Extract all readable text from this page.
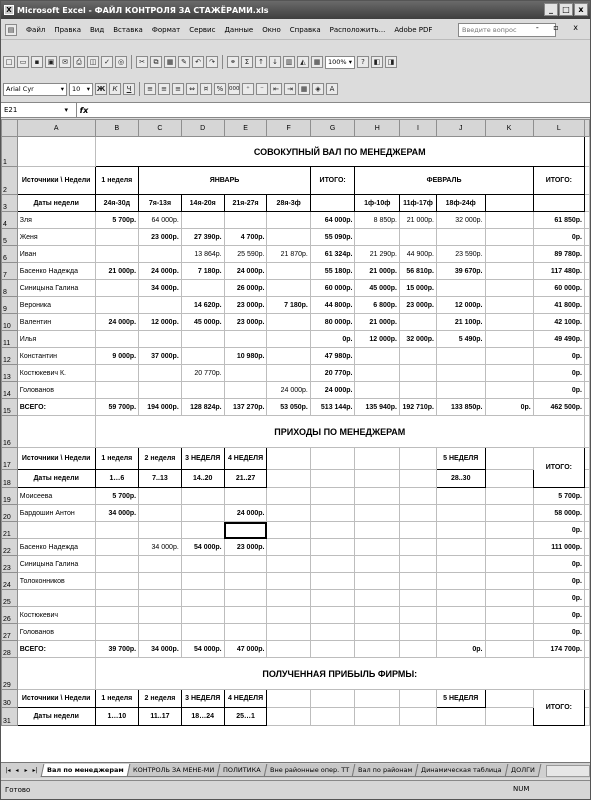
X Microsoft Excel - ФАЙЛ КОНТРОЛЯ ЗА СТАЖЁРАМИ.xls	_	□	x
▤	Файл Правка Вид Вставка Формат Сервис Данные Окно Справка Расположить... Adobe PDF	Введите вопрос	- ▫ x
□	▭	▪	▣	✉	⎙	◫	✓	◎	✂	⧉	▦	✎	↶	↷	⚭	Σ	↑	↓	▥	◭	▦	100% ▾	?	◧	◨
Arial Cyr	▾ 10 ▾ Ж	К	Ч	≡	≡	≡	⇔	¤	%	000 ⁺	⁻	⇤	⇥	▦	◈	A
E21	▾	fx
	A	B	C	D	E	F	G	H	I	J	K	L	
1		СОВОКУПНЫЙ ВАЛ ПО МЕНЕДЖЕРАМ											
2	Источники \ Недели	1 неделя	ЯНВАРЬ				ИТОГО:	ФЕВРАЛЬ				ИТОГО:	
3	Даты недели	24я-30д	7я-13я	14я-20я	21я-27я	28я-3ф		1ф-10ф	11ф-17ф	18ф-24ф			
4	Зля	5 700р.	64 000р.				64 000р.	8 850р.	21 000р.	32 000р.		61 850р.	
5	Женя		23 000р.	27 390р.	4 700р.		55 090р.					0р.	
6	Иван			13 864р.	25 590р.	21 870р.	61 324р.	21 290р.	44 900р.	23 590р.		89 780р.	
7	Басенко Надежда	21 000р.	24 000р.	7 180р.	24 000р.		55 180р.	21 000р.	56 810р.	39 670р.		117 480р.	
8	Синицына Галина		34 000р.		26 000р.		60 000р.	45 000р.	15 000р.			60 000р.	
9	Вероника			14 620р.	23 000р.	7 180р.	44 800р.	6 800р.	23 000р.	12 000р.		41 800р.	
10	Валентин	24 000р.	12 000р.	45 000р.	23 000р.		80 000р.	21 000р.		21 100р.		42 100р.	
11	Илья						0р.	12 000р.	32 000р.	5 490р.		49 490р.	
12	Константин	9 000р.	37 000р.		10 980р.		47 980р.					0р.	
13	Костюкевич К.			20 770р.			20 770р.					0р.	
14	Голованов					24 000р.	24 000р.					0р.	
15	ВСЕГО:	59 700р.	194 000р.	128 824р.	137 270р.	53 050р.	513 144р.	135 940р.	192 710р.	133 850р.	0р.	462 500р.	
16		ПРИХОДЫ ПО МЕНЕДЖЕРАМ											
17	Источники \ Недели	1 неделя	2 неделя	3 НЕДЕЛЯ	4 НЕДЕЛЯ					5 НЕДЕЛЯ		ИТОГО:	
18	Даты недели	1…6	7..13	14..20	21..27					28..30			
19	Моисеева	5 700р.										5 700р.	
20	Бардошин Антон	34 000р.			24 000р.							58 000р.	
21												0р.	
22	Басенко Надежда		34 000р.	54 000р.	23 000р.							111 000р.	
23	Синицына Галина											0р.	
24	Толоконников											0р.	
25												0р.	
26	Костюкевич											0р.	
27	Голованов											0р.	
28	ВСЕГО:	39 700р.	34 000р.	54 000р.	47 000р.					0р.		174 700р.	
29		ПОЛУЧЕННАЯ ПРИБЫЛЬ ФИРМЫ:											
30	Источники \ Недели	1 неделя	2 неделя	3 НЕДЕЛЯ	4 НЕДЕЛЯ					5 НЕДЕЛЯ		ИТОГО:	
31	Даты недели	1…10	11..17	18…24	25…1								
|◂ ◂ ▸ ▸|	Вал по менеджерам	КОНТРОЛЬ ЗА МЕНЕ-МИ	ПОЛИТИКА	Вне районные опер. ТТ	Вал по районам	Динамическая таблица	ДОЛГИ
Готово	NUM
